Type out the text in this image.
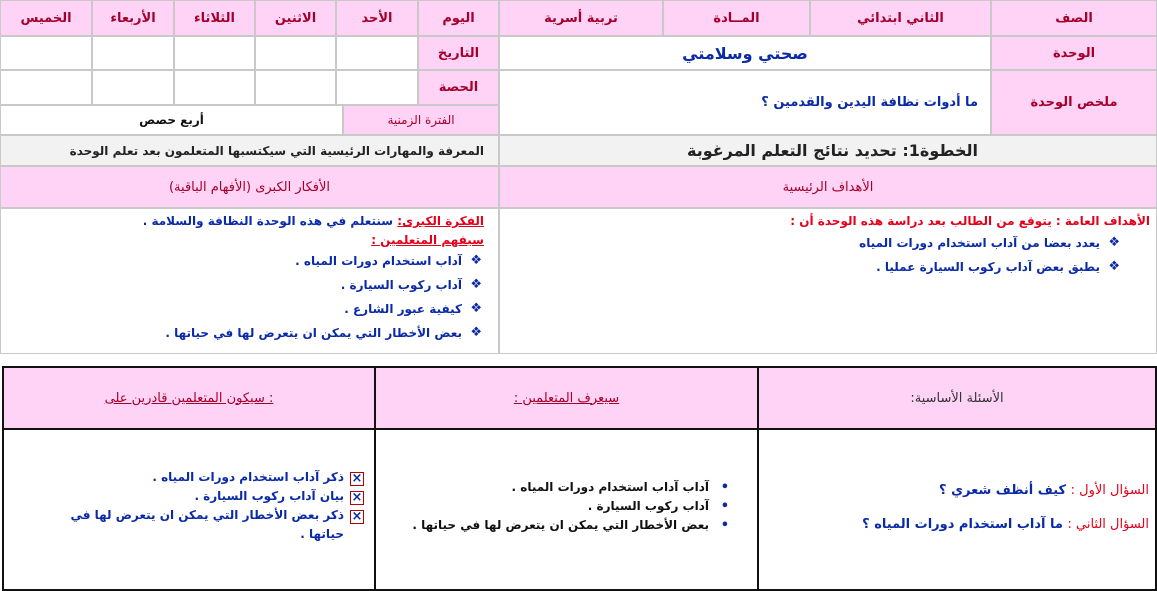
الصف
الثاني ابتدائي
المــادة
تربية أسرية
اليوم
الأحد
الاثنين
الثلاثاء
الأربعاء
الخميس
الوحدة
صحتي وسلامتي
التاريخ
ملخص الوحدة
ما أدوات نظافة اليدين والقدمين ؟
الحصة
الفترة الزمنية
أربع حصص
الخطوة1: تحديد نتائج التعلم المرغوبة
المعرفة والمهارات الرئيسية التي سيكتسبها المتعلمون بعد تعلم الوحدة
الأهداف الرئيسية
الأفكار الكبرى (الأفهام الباقية)
الأهداف العامة : يتوقع من الطالب بعد دراسة هذه الوحدة أن :
❖
يعدد بعضا من آداب استخدام دورات المياه
❖
يطبق بعض آداب ركوب السيارة عمليا .
الفكرة الكبرى: سنتعلم في هذه الوحدة النظافة والسلامة .
سيفهم المتعلمين :
❖
آداب استخدام دورات المياه .
❖
آداب ركوب السيارة .
❖
كيفية عبور الشارع .
❖
بعض الأخطار التي يمكن ان يتعرض لها في حياتها .
الأسئلة الأساسية:
سيعرف المتعلمين :
: سيكون المتعلمين قادرين على
السؤال الأول : كيف أنظف شعري ؟
السؤال الثاني : ما آداب استخدام دورات المياه ؟
•
آداب آداب استخدام دورات المياه .
•
آداب ركوب السيارة .
•
بعض الأخطار التي يمكن ان يتعرض لها في حياتها .
×
ذكر آداب استخدام دورات المياه .
×
بيان آداب ركوب السيارة .
×
ذكر بعض الأخطار التي يمكن ان يتعرض لها في حياتها .
